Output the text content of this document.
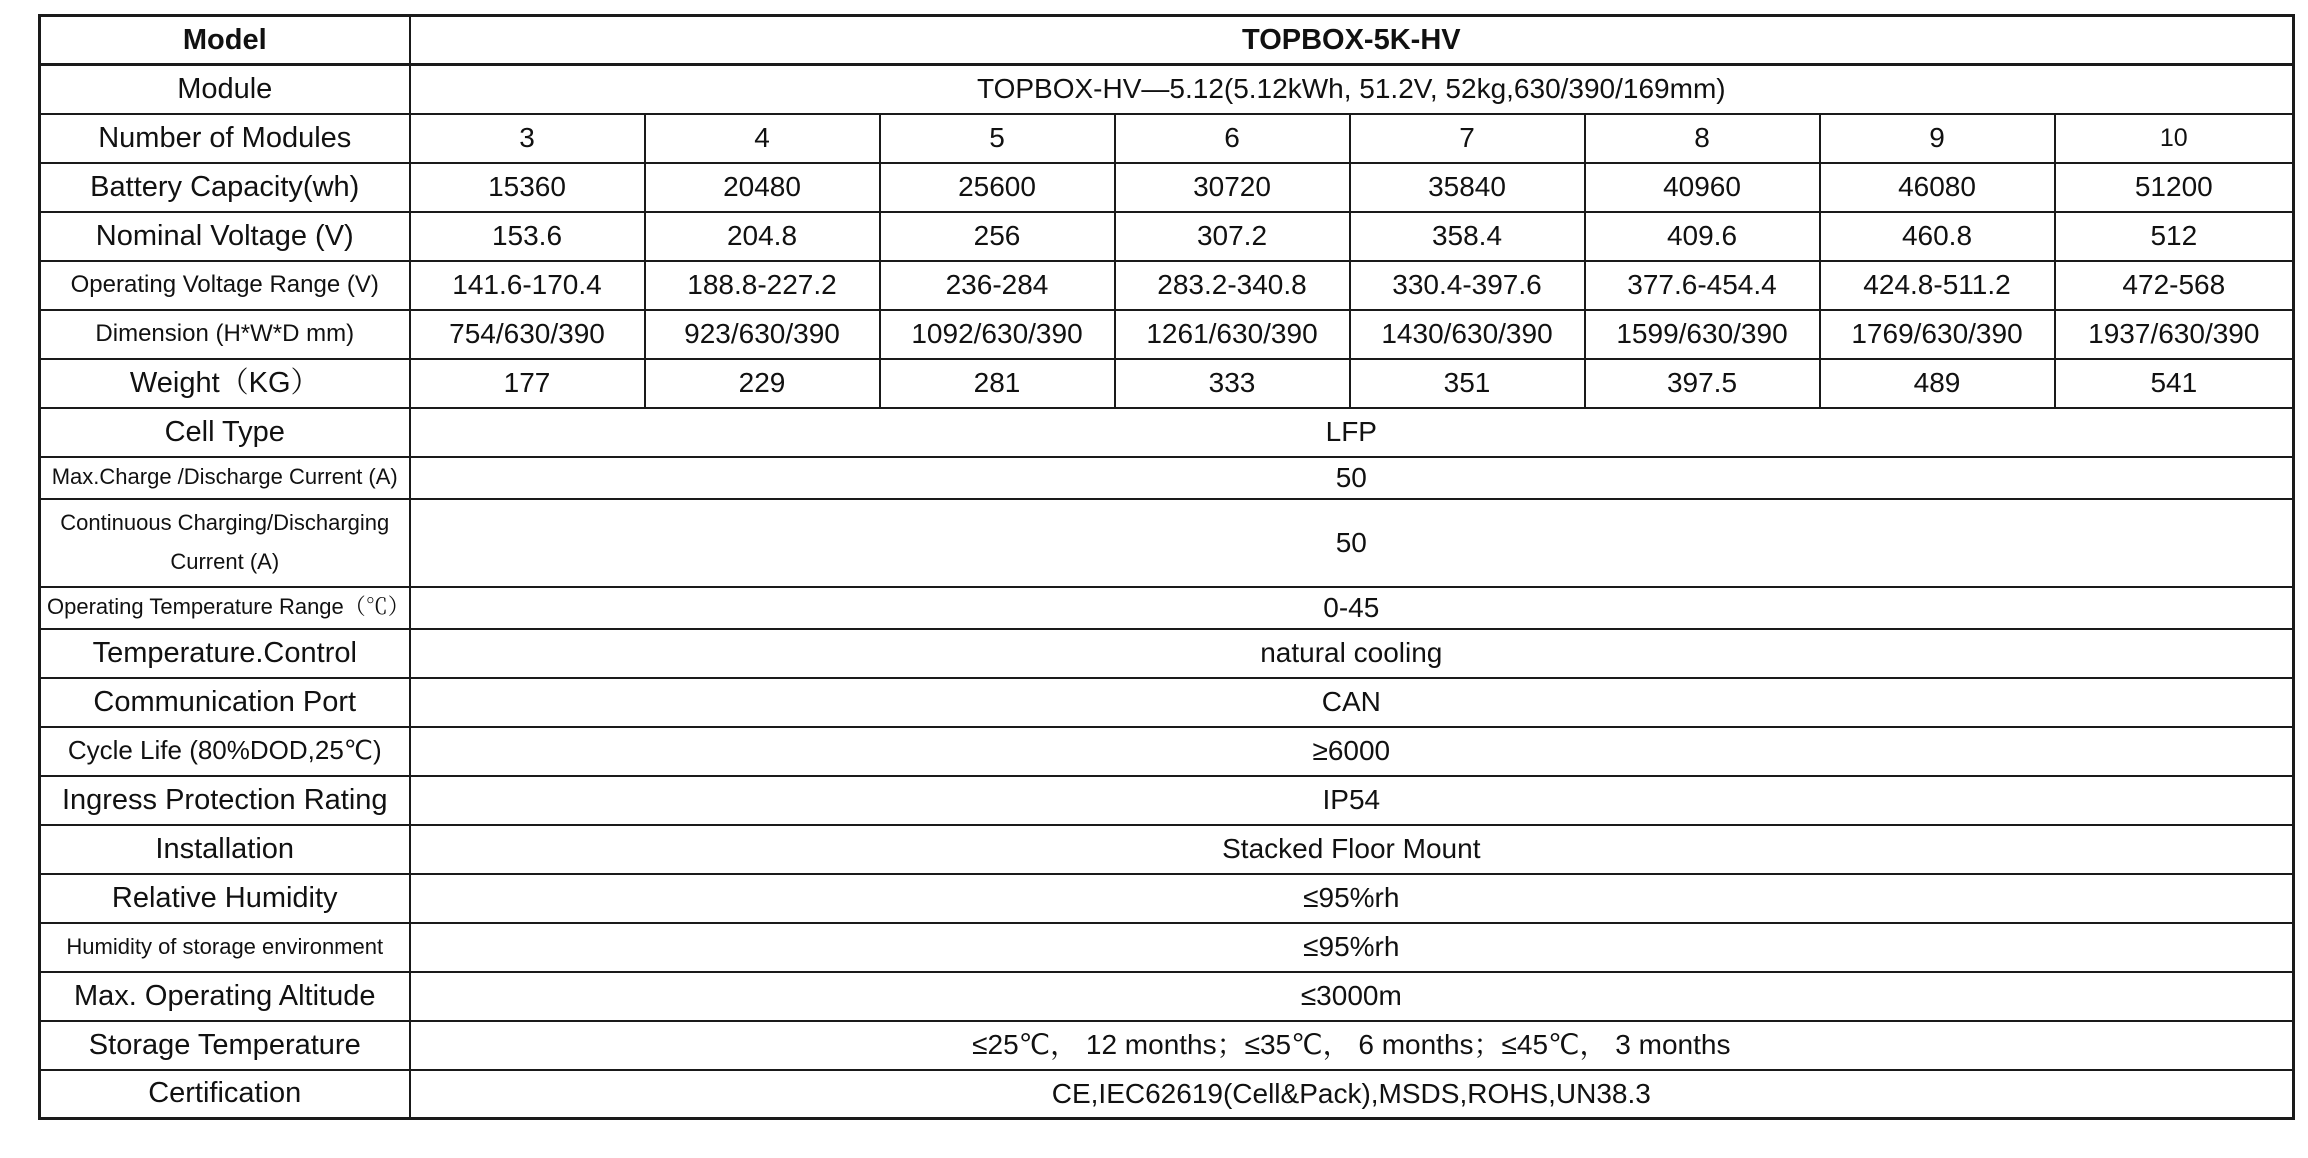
Model	TOPBOX-5K-HV							
Module	TOPBOX-HV—5.12(5.12kWh, 51.2V, 52kg,630/390/169mm)							
Number of Modules	3	4	5	6	7	8	9	10
Battery Capacity(wh)	15360	20480	25600	30720	35840	40960	46080	51200
Nominal Voltage (V)	153.6	204.8	256	307.2	358.4	409.6	460.8	512
Operating Voltage Range (V)	141.6-170.4	188.8-227.2	236-284	283.2-340.8	330.4-397.6	377.6-454.4	424.8-511.2	472-568
Dimension (H*W*D mm)	754/630/390	923/630/390	1092/630/390	1261/630/390	1430/630/390	1599/630/390	1769/630/390	1937/630/390
Weight（KG）	177	229	281	333	351	397.5	489	541
Cell Type	LFP							
Max.Charge /Discharge Current (A)	50							
Continuous Charging/Discharging Current (A)	50							
Operating Temperature Range（℃）	0-45							
Temperature.Control	natural cooling							
Communication Port	CAN							
Cycle Life (80%DOD,25℃)	≥6000							
Ingress Protection Rating	IP54							
Installation	Stacked Floor Mount							
Relative Humidity	≤95%rh							
Humidity of storage environment	≤95%rh							
Max. Operating Altitude	≤3000m							
Storage Temperature	≤25℃， 12 months；≤35℃， 6 months；≤45℃， 3 months							
Certification	CE,IEC62619(Cell&Pack),MSDS,ROHS,UN38.3							
